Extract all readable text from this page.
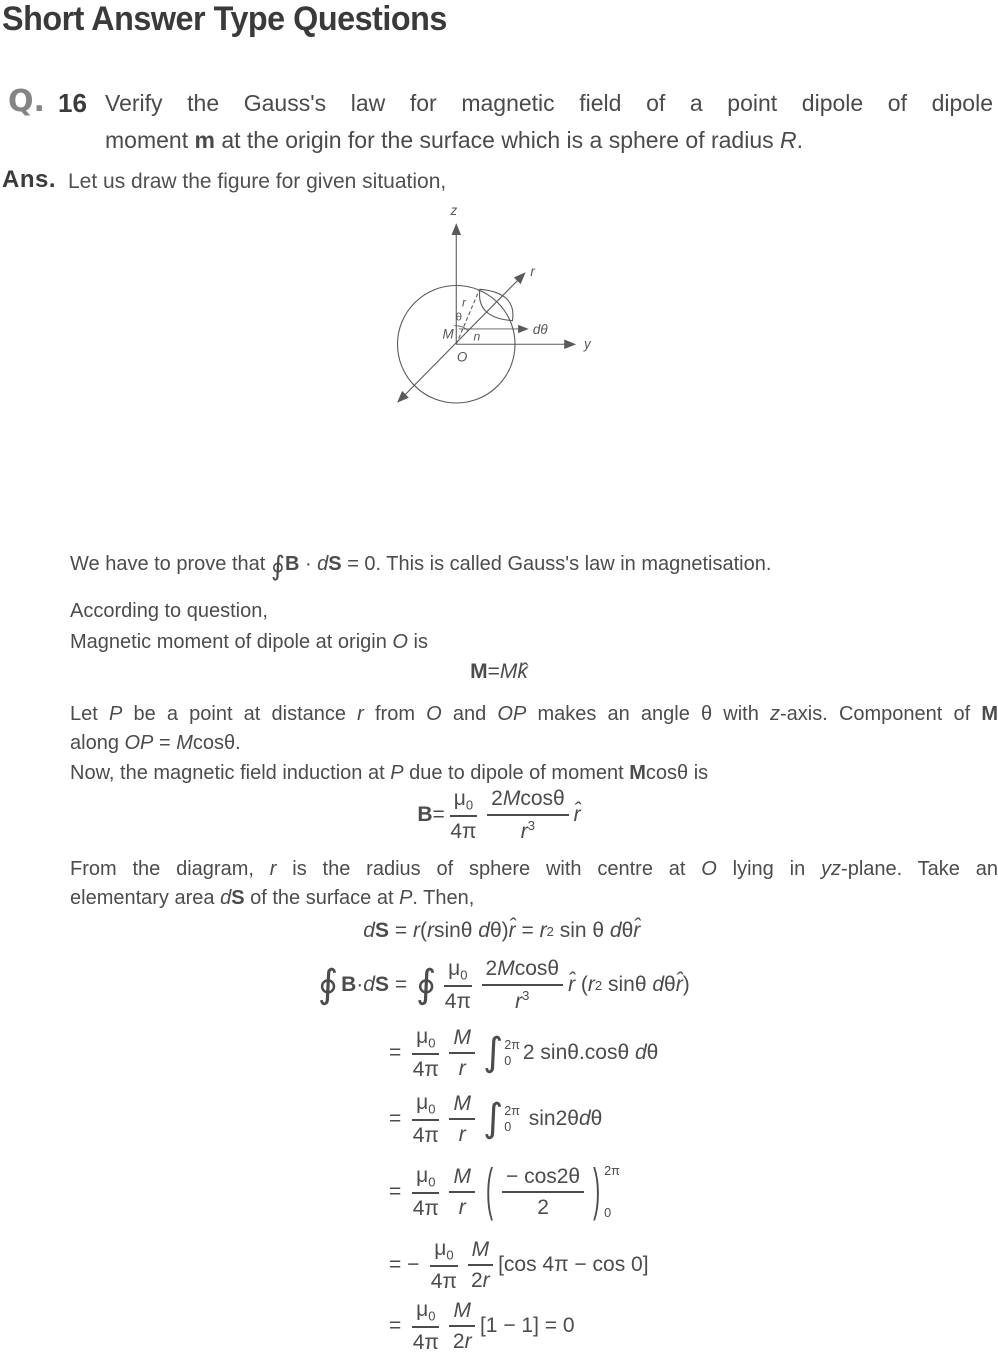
Short Answer Type Questions
Q. 16 Verify the Gauss's law for magnetic field of a point dipole of dipole
moment m at the origin for the surface which is a sphere of radius R.
Ans. Let us draw the figure for given situation,
z
y
r
r
θ
M n	dθ
O
We have to prove that ∮B · dS = 0. This is called Gauss's law in magnetisation.
According to question,
Magnetic moment of dipole at origin O is
M = M k̂
Let P be a point at distance r from O and OP makes an angle θ with z-axis. Component of M
along OP = Mcosθ.
Now, the magnetic field induction at P due to dipole of moment Mcosθ is
$B = \frac{\mu_0}{4\pi} \frac{2Mcos\theta}{r^3}$ r̂
From the diagram, r is the radius of sphere with centre at O lying in yz-plane. Take an
elementary area dS of the surface at P. Then,
d S = r ( r sinθ d θ) r̂ = r 2 sin θ d θ r̂
∮ B · d S = ∮ $\frac{\mu_0}{4\pi} \frac{2Mcos\theta}{r^3}$ r̂ ( r 2 sinθ d θ r̂ )
= $\frac{\mu_0}{4\pi} \frac{M}{r}$ ∫ 2π
0 2 sinθ.cosθ d θ
= $\frac{\mu_0}{4\pi} \frac{M}{r}$ ∫ 2π
0 sin2θ d θ
= $\frac{\mu_0}{4\pi} \frac{M}{r}$ ( $\frac{- \cos 2\theta}{2}$ ) 2π
0
= − $\frac{\mu_0}{4\pi} \frac{M}{2r} [\cos$ 4π − cos 0]
= $\frac{\mu_0}{4\pi} \frac{M}{2r} [1 - 1] = 0$
